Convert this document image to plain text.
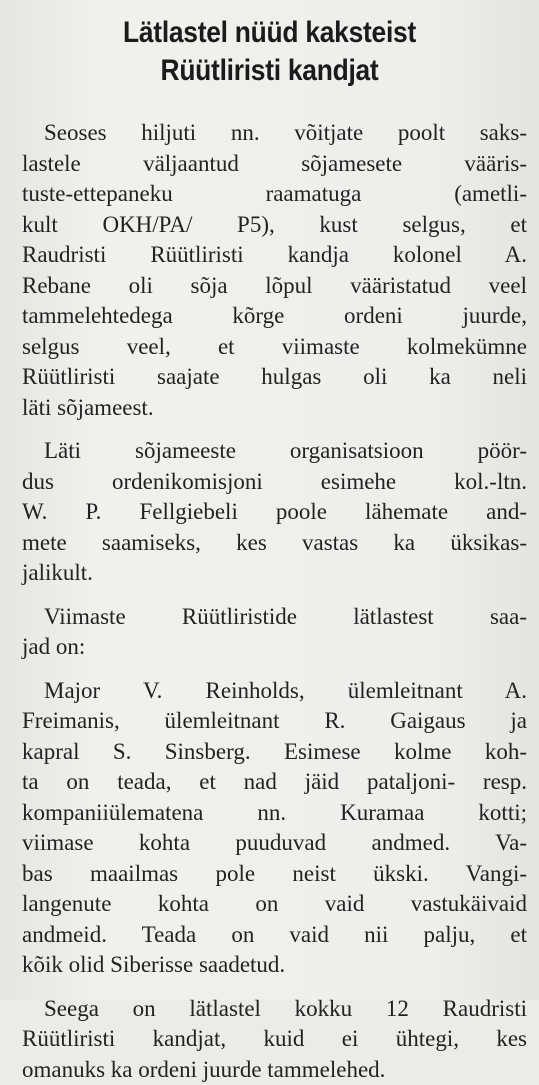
Lätlastel nüüd kaksteist
Rüütliristi kandjat

Seoses hiljuti nn. võitjate poolt saks-
lastele väljaantud sõjamesete vääris-
tuste-ettepaneku raamatuga (ametli-
kult OKH/PA/ P5), kust selgus, et
Raudristi Rüütliristi kandja kolonel A.
Rebane oli sõja lõpul vääristatud veel
tammelehtedega kõrge ordeni juurde,
selgus veel, et viimaste kolmekümne
Rüütliristi saajate hulgas oli ka neli
läti sõjameest.

Läti sõjameeste organisatsioon pöör-
dus ordenikomisjoni esimehe kol.-ltn.
W. P. Fellgiebeli poole lähemate and-
mete saamiseks, kes vastas ka üksikas-
jalikult.

Viimaste Rüütliristide lätlastest saa-
jad on:

Major V. Reinholds, ülemleitnant A.
Freimanis, ülemleitnant R. Gaigaus ja
kapral S. Sinsberg. Esimese kolme koh-
ta on teada, et nad jäid pataljoni- resp.
kompaniiülematena nn. Kuramaa kotti;
viimase kohta puuduvad andmed. Va-
bas maailmas pole neist ükski. Vangi-
langenute kohta on vaid vastukäivaid
andmeid. Teada on vaid nii palju, et
kõik olid Siberisse saadetud.

Seega on lätlastel kokku 12 Raudristi
Rüütliristi kandjat, kuid ei ühtegi, kes
omanuks ka ordeni juurde tammelehed.
